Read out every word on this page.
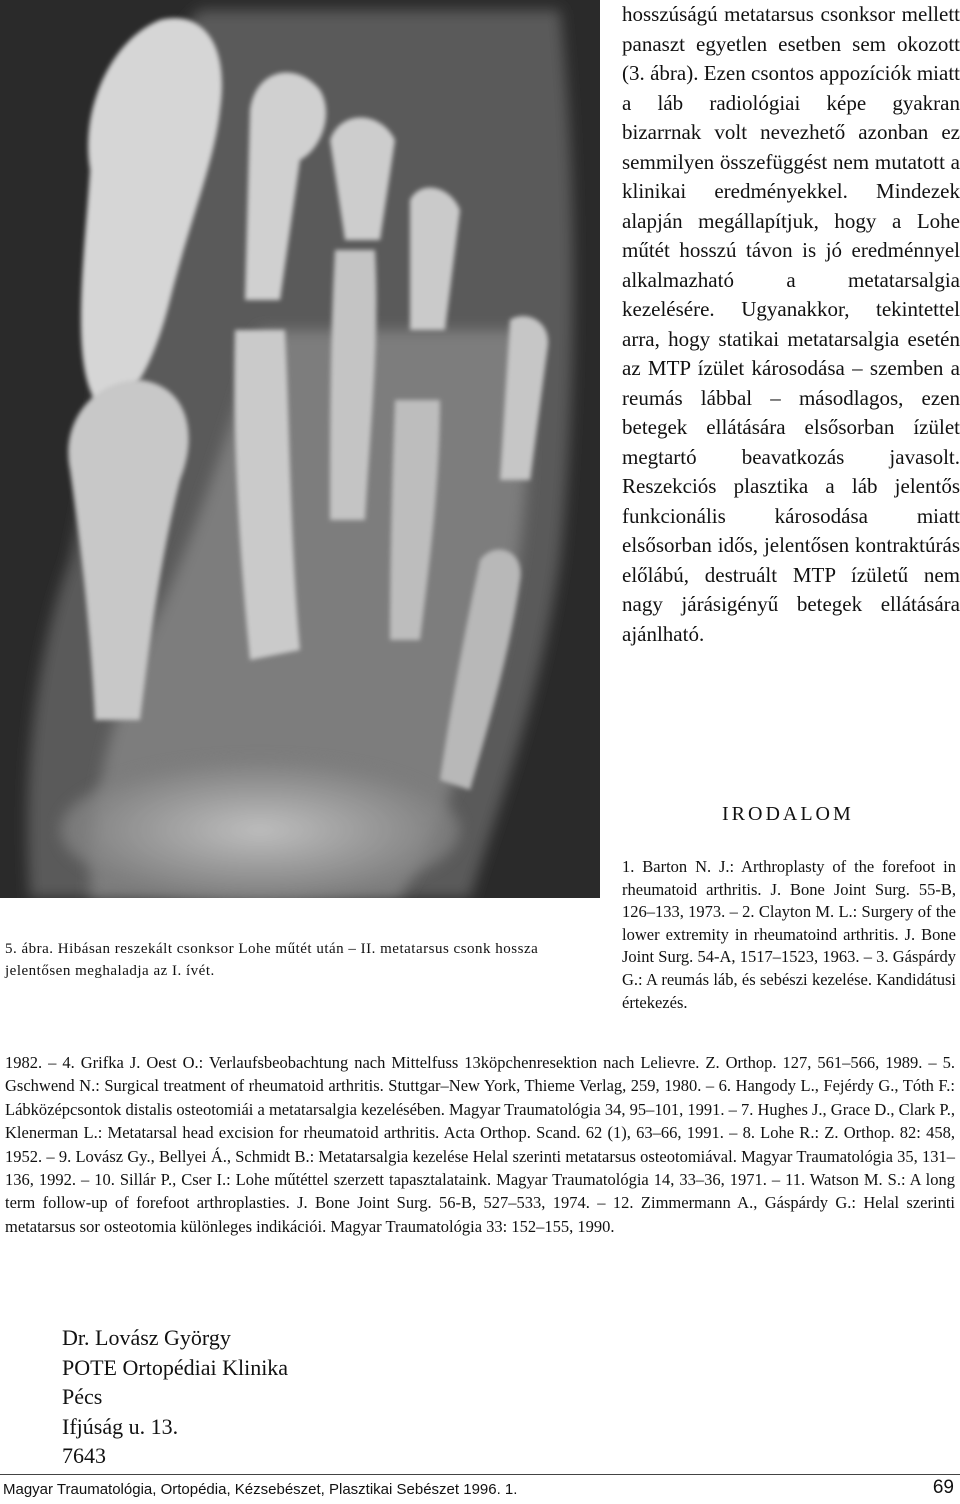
hosszúságú metatarsus csonksor mellett panaszt egyetlen esetben sem okozott (3. ábra). Ezen csontos appozíciók miatt a láb radiológiai képe gyakran bizarrnak volt nevezhető azonban ez semmilyen összefüggést nem mutatott a klinikai eredményekkel. Mindezek alapján megállapítjuk, hogy a Lohe műtét hosszú távon is jó eredménnyel alkalmazható a metatarsalgia kezelésére. Ugyanakkor, tekintettel arra, hogy statikai metatarsalgia esetén az MTP ízület károsodása – szemben a reumás lábbal – másodlagos, ezen betegek ellátására elsősorban ízület megtartó beavatkozás javasolt. Reszekciós plasztika a láb jelentős funkcionális károsodása miatt elsősorban idős, jelentősen kontraktúrás előlábú, destruált MTP ízületű nem nagy járásigényű betegek ellátására ajánlható.

IRODALOM
5. ábra. Hibásan reszekált csonksor Lohe műtét után – II. metatarsus csonk hossza jelentősen meghaladja az I. ívét.
1. Barton N. J.: Arthroplasty of the forefoot in rheumatoid arthritis. J. Bone Joint Surg. 55-B, 126–133, 1973. – 2. Clayton M. L.: Surgery of the lower extremity in rheumatoind arthritis. J. Bone Joint Surg. 54-A, 1517–1523, 1963. – 3. Gáspárdy G.: A reumás láb, és sebészi kezelése. Kandidátusi értekezés.
1982. – 4. Grifka J. Oest O.: Verlaufsbeobachtung nach Mittelfuss 13köpchenresektion nach Lelievre. Z. Orthop. 127, 561–566, 1989. – 5. Gschwend N.: Surgical treatment of rheumatoid arthritis. Stuttgar–New York, Thieme Verlag, 259, 1980. – 6. Hangody L., Fejérdy G., Tóth F.: Lábközépcsontok distalis osteotomiái a metatarsalgia kezelésében. Magyar Traumatológia 34, 95–101, 1991. – 7. Hughes J., Grace D., Clark P., Klenerman L.: Metatarsal head excision for rheumatoid arthritis. Acta Orthop. Scand. 62 (1), 63–66, 1991. – 8. Lohe R.: Z. Orthop. 82: 458, 1952. – 9. Lovász Gy., Bellyei Á., Schmidt B.: Metatarsalgia kezelése Helal szerinti metatarsus osteotomiával. Magyar Traumatológia 35, 131–136, 1992. – 10. Sillár P., Cser I.: Lohe műtéttel szerzett tapasztalataink. Magyar Traumatológia 14, 33–36, 1971. – 11. Watson M. S.: A long term follow-up of forefoot arthroplasties. J. Bone Joint Surg. 56-B, 527–533, 1974. – 12. Zimmermann A., Gáspárdy G.: Helal szerinti metatarsus sor osteotomia különleges indikációi. Magyar Traumatológia 33: 152–155, 1990.
Dr. Lovász György
POTE Ortopédiai Klinika
Pécs
Ifjúság u. 13.
7643
Magyar Traumatológia, Ortopédia, Kézsebészet, Plasztikai Sebészet 1996. 1.	69
